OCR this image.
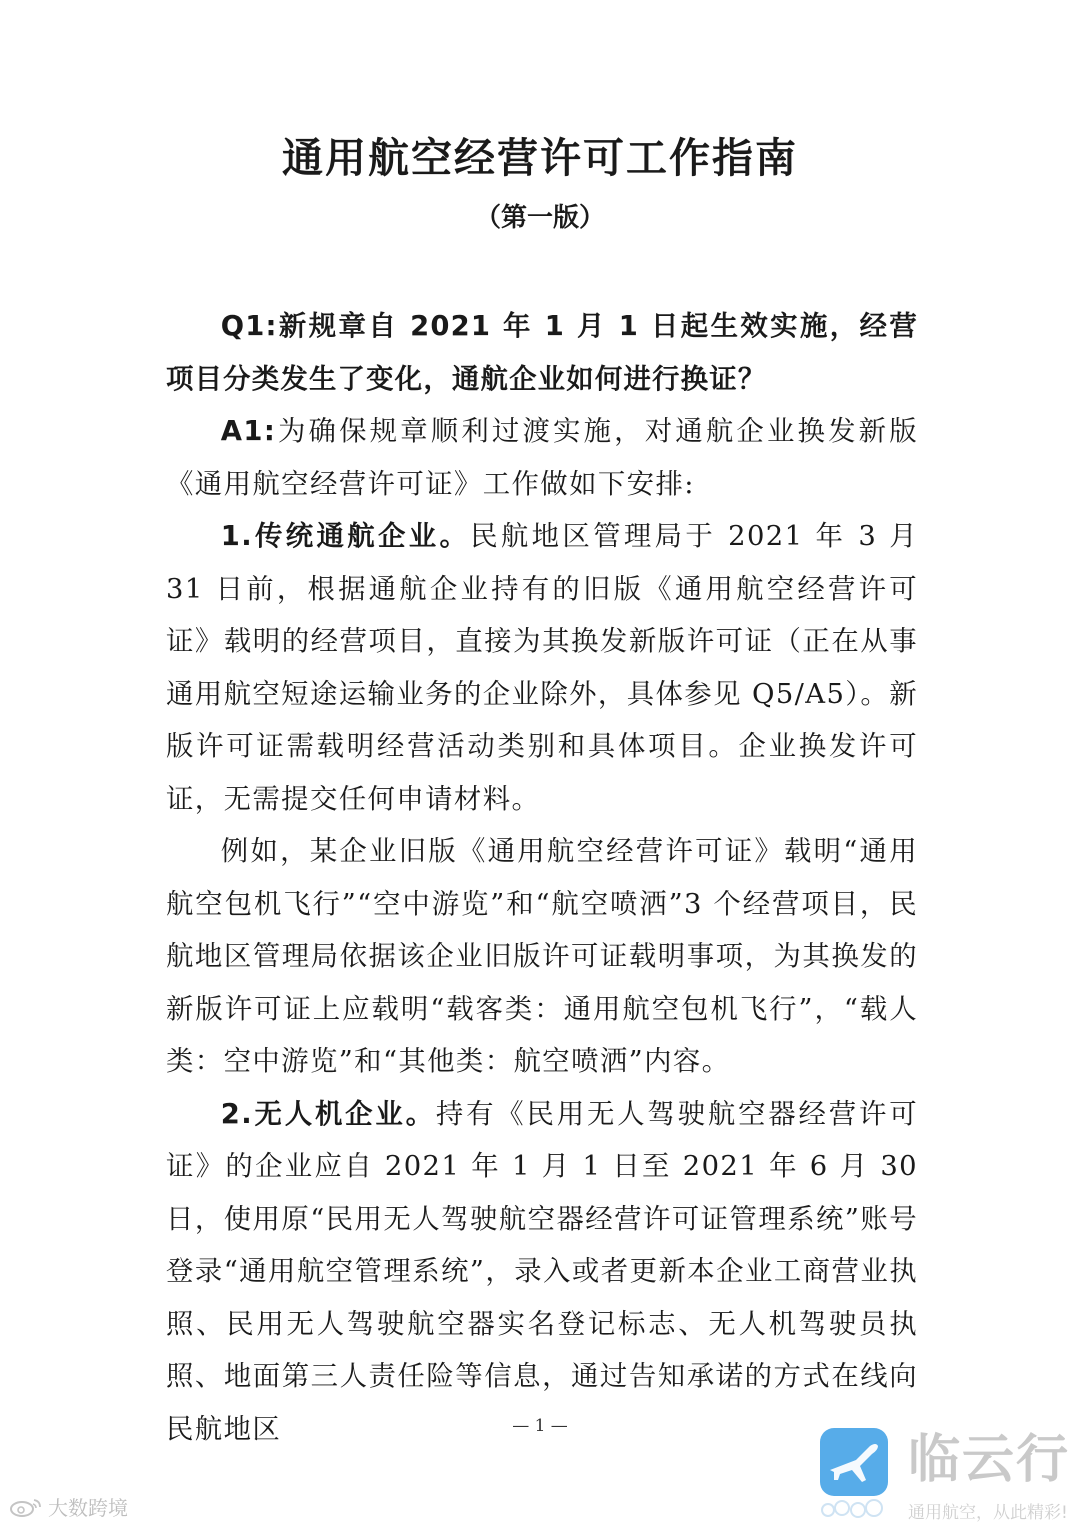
通用航空经营许可工作指南
（第一版）

Q1:新规章自 2021 年 1 月 1 日起生效实施，经营项目分类发生了变化，通航企业如何进行换证？

A1:为确保规章顺利过渡实施，对通航企业换发新版《通用航空经营许可证》工作做如下安排:

1.传统通航企业。民航地区管理局于 2021 年 3 月 31 日前，根据通航企业持有的旧版《通用航空经营许可证》载明的经营项目，直接为其换发新版许可证（正在从事通用航空短途运输业务的企业除外，具体参见 Q5/A5）。新版许可证需载明经营活动类别和具体项目。企业换发许可证，无需提交任何申请材料。

例如，某企业旧版《通用航空经营许可证》载明“通用航空包机飞行”“空中游览”和“航空喷洒”3 个经营项目，民航地区管理局依据该企业旧版许可证载明事项，为其换发的新版许可证上应载明“载客类：通用航空包机飞行”，“载人类：空中游览”和“其他类：航空喷洒”内容。

2.无人机企业。持有《民用无人驾驶航空器经营许可证》的企业应自 2021 年 1 月 1 日至 2021 年 6 月 30 日，使用原“民用无人驾驶航空器经营许可证管理系统”账号登录“通用航空管理系统”，录入或者更新本企业工商营业执照、民用无人驾驶航空器实名登记标志、无人机驾驶员执照、地面第三人责任险等信息，通过告知承诺的方式在线向民航地区	— 1 —
大数跨境
临云行
通用航空，从此精彩!
